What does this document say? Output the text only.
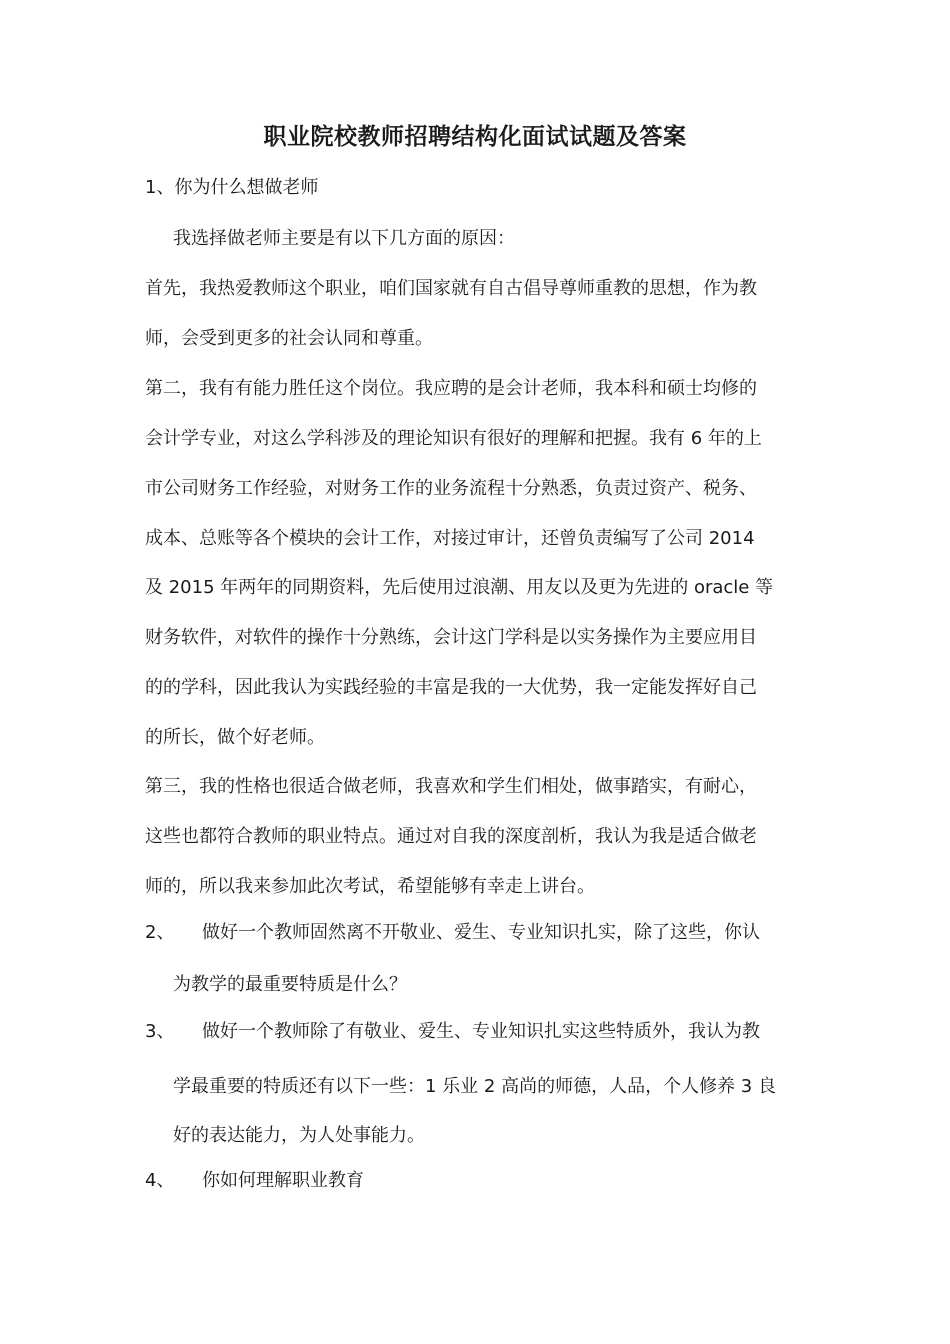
职业院校教师招聘结构化面试试题及答案
1、你为什么想做老师
我选择做老师主要是有以下几方面的原因：
首先，我热爱教师这个职业，咱们国家就有自古倡导尊师重教的思想，作为教
师，会受到更多的社会认同和尊重。
第二，我有有能力胜任这个岗位。我应聘的是会计老师，我本科和硕士均修的
会计学专业，对这么学科涉及的理论知识有很好的理解和把握。我有 6 年的上
市公司财务工作经验，对财务工作的业务流程十分熟悉，负责过资产、税务、
成本、总账等各个模块的会计工作，对接过审计，还曾负责编写了公司 2014
及 2015 年两年的同期资料，先后使用过浪潮、用友以及更为先进的 oracle 等
财务软件，对软件的操作十分熟练，会计这门学科是以实务操作为主要应用目
的的学科，因此我认为实践经验的丰富是我的一大优势，我一定能发挥好自己
的所长，做个好老师。
第三，我的性格也很适合做老师，我喜欢和学生们相处，做事踏实，有耐心，
这些也都符合教师的职业特点。通过对自我的深度剖析，我认为我是适合做老
师的，所以我来参加此次考试，希望能够有幸走上讲台。
2、 做好一个教师固然离不开敬业、爱生、专业知识扎实，除了这些，你认
为教学的最重要特质是什么？
3、 做好一个教师除了有敬业、爱生、专业知识扎实这些特质外，我认为教
学最重要的特质还有以下一些：1 乐业 2 高尚的师德，人品，个人修养 3 良
好的表达能力，为人处事能力。
4、 你如何理解职业教育
